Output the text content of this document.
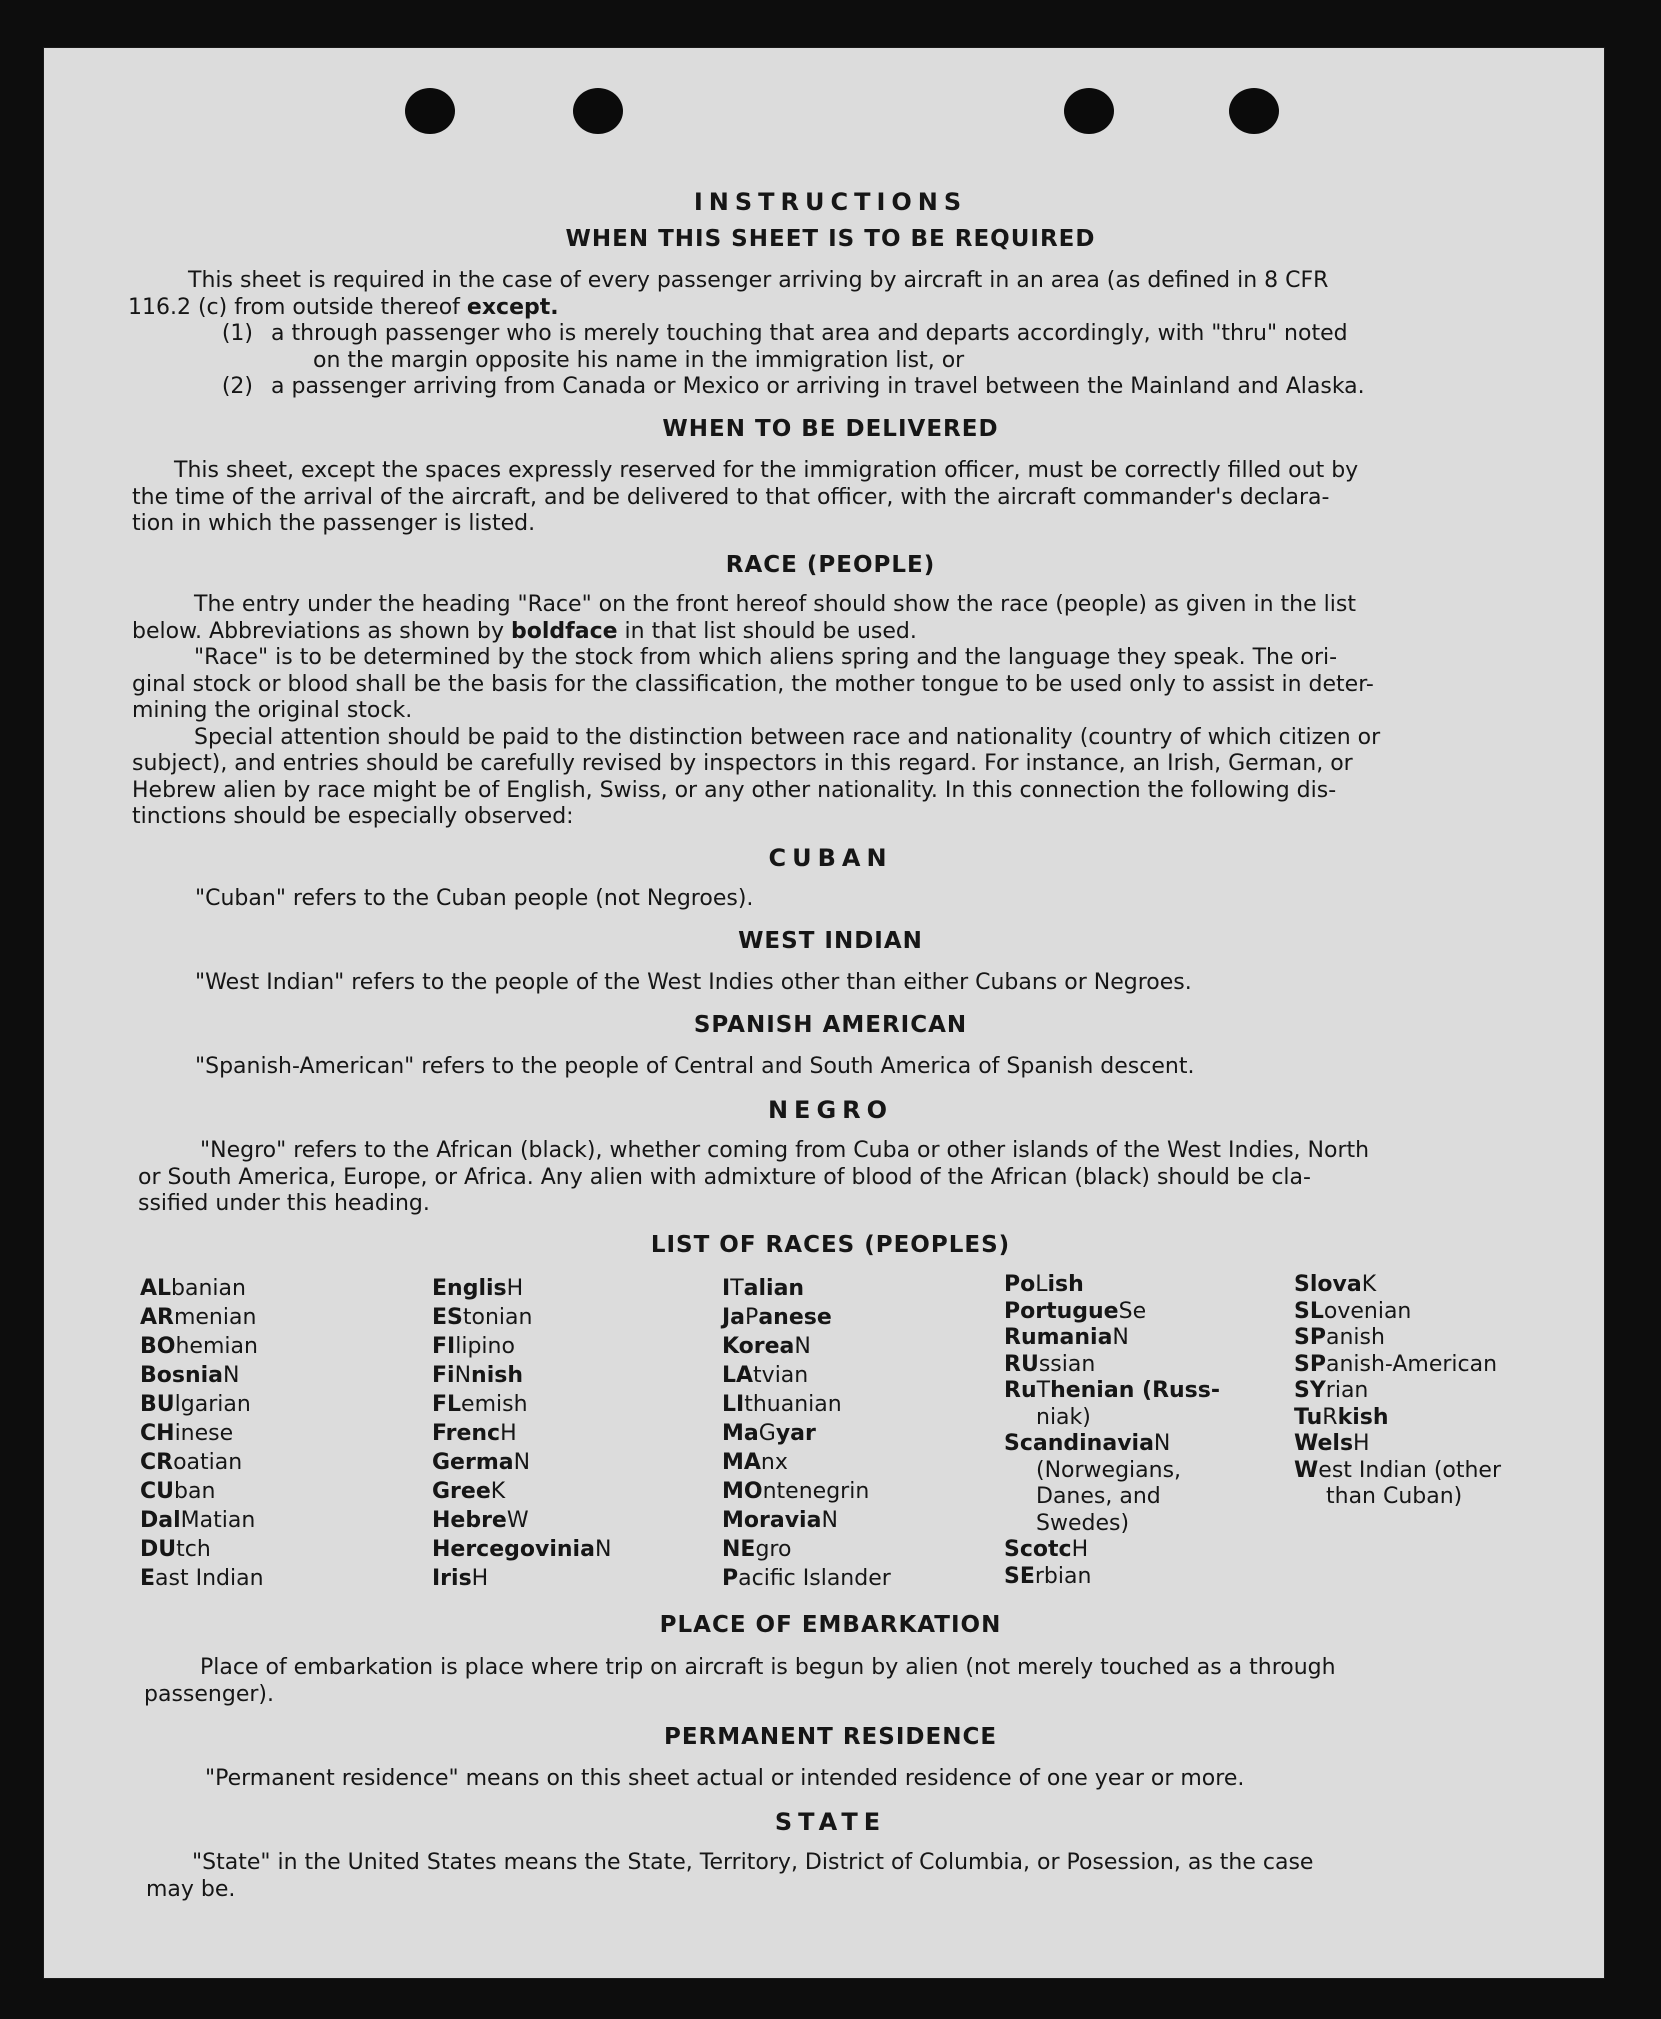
INSTRUCTIONS
WHEN THIS SHEET IS TO BE REQUIRED
This sheet is required in the case of every passenger arriving by aircraft in an area (as defined in 8 CFR
116.2 (c) from outside thereof except.
(1) a through passenger who is merely touching that area and departs accordingly, with "thru" noted
on the margin opposite his name in the immigration list, or
(2) a passenger arriving from Canada or Mexico or arriving in travel between the Mainland and Alaska.
WHEN TO BE DELIVERED
This sheet, except the spaces expressly reserved for the immigration officer, must be correctly filled out by
the time of the arrival of the aircraft, and be delivered to that officer, with the aircraft commander's declara-
tion in which the passenger is listed.
RACE (PEOPLE)
The entry under the heading "Race" on the front hereof should show the race (people) as given in the list
below. Abbreviations as shown by boldface in that list should be used.
"Race" is to be determined by the stock from which aliens spring and the language they speak. The ori-
ginal stock or blood shall be the basis for the classification, the mother tongue to be used only to assist in deter-
mining the original stock.
Special attention should be paid to the distinction between race and nationality (country of which citizen or
subject), and entries should be carefully revised by inspectors in this regard. For instance, an Irish, German, or
Hebrew alien by race might be of English, Swiss, or any other nationality. In this connection the following dis-
tinctions should be especially observed:
CUBAN
"Cuban" refers to the Cuban people (not Negroes).
WEST INDIAN
"West Indian" refers to the people of the West Indies other than either Cubans or Negroes.
SPANISH AMERICAN
"Spanish-American" refers to the people of Central and South America of Spanish descent.
NEGRO
"Negro" refers to the African (black), whether coming from Cuba or other islands of the West Indies, North
or South America, Europe, or Africa. Any alien with admixture of blood of the African (black) should be cla-
ssified under this heading.
LIST OF RACES (PEOPLES)
ALbanian
ARmenian
BOhemian
BosniaN
BUlgarian
CHinese
CRoatian
CUban
DalMatian
DUtch
East Indian
EnglisH
EStonian
FIlipino
FiNnish
FLemish
FrencH
GermaN
GreeK
HebreW
HercegoviniaN
IrisH
ITalian
JaPanese
KoreaN
LAtvian
LIthuanian
MaGyar
MAnx
MOntenegrin
MoraviaN
NEgro
Pacific Islander
PoLish
PortugueSe
RumaniaN
RUssian
RuThenian (Russ-
niak)
ScandinaviaN
(Norwegians,
Danes, and
Swedes)
ScotcH
SErbian
SlovaK
SLovenian
SPanish
SPanish-American
SYrian
TuRkish
WelsH
West Indian (other
than Cuban)
PLACE OF EMBARKATION
Place of embarkation is place where trip on aircraft is begun by alien (not merely touched as a through
passenger).
PERMANENT RESIDENCE
"Permanent residence" means on this sheet actual or intended residence of one year or more.
STATE
"State" in the United States means the State, Territory, District of Columbia, or Posession, as the case
may be.
